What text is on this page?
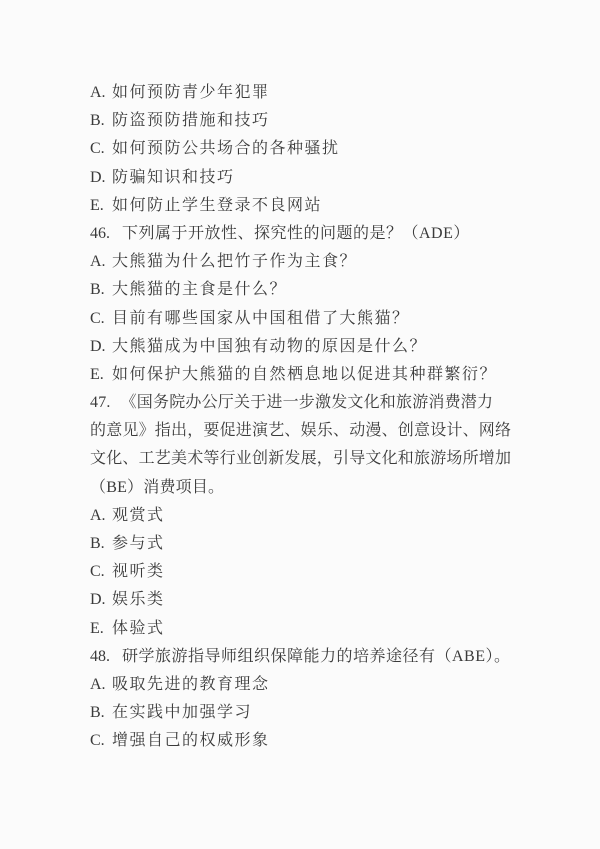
A. 如何预防青少年犯罪
B. 防盗预防措施和技巧
C. 如何预防公共场合的各种骚扰
D. 防骗知识和技巧
E. 如何防止学生登录不良网站
46. 下列属于开放性、探究性的问题的是？（ADE）
A. 大熊猫为什么把竹子作为主食？
B. 大熊猫的主食是什么？
C. 目前有哪些国家从中国租借了大熊猫？
D. 大熊猫成为中国独有动物的原因是什么？
E. 如何保护大熊猫的自然栖息地以促进其种群繁衍？
47. 《国务院办公厅关于进一步激发文化和旅游消费潜力
的意见》指出，要促进演艺、娱乐、动漫、创意设计、网络
文化、工艺美术等行业创新发展，引导文化和旅游场所增加
（BE）消费项目。
A. 观赏式
B. 参与式
C. 视听类
D. 娱乐类
E. 体验式
48. 研学旅游指导师组织保障能力的培养途径有（ABE）。
A. 吸取先进的教育理念
B. 在实践中加强学习
C. 增强自己的权威形象
